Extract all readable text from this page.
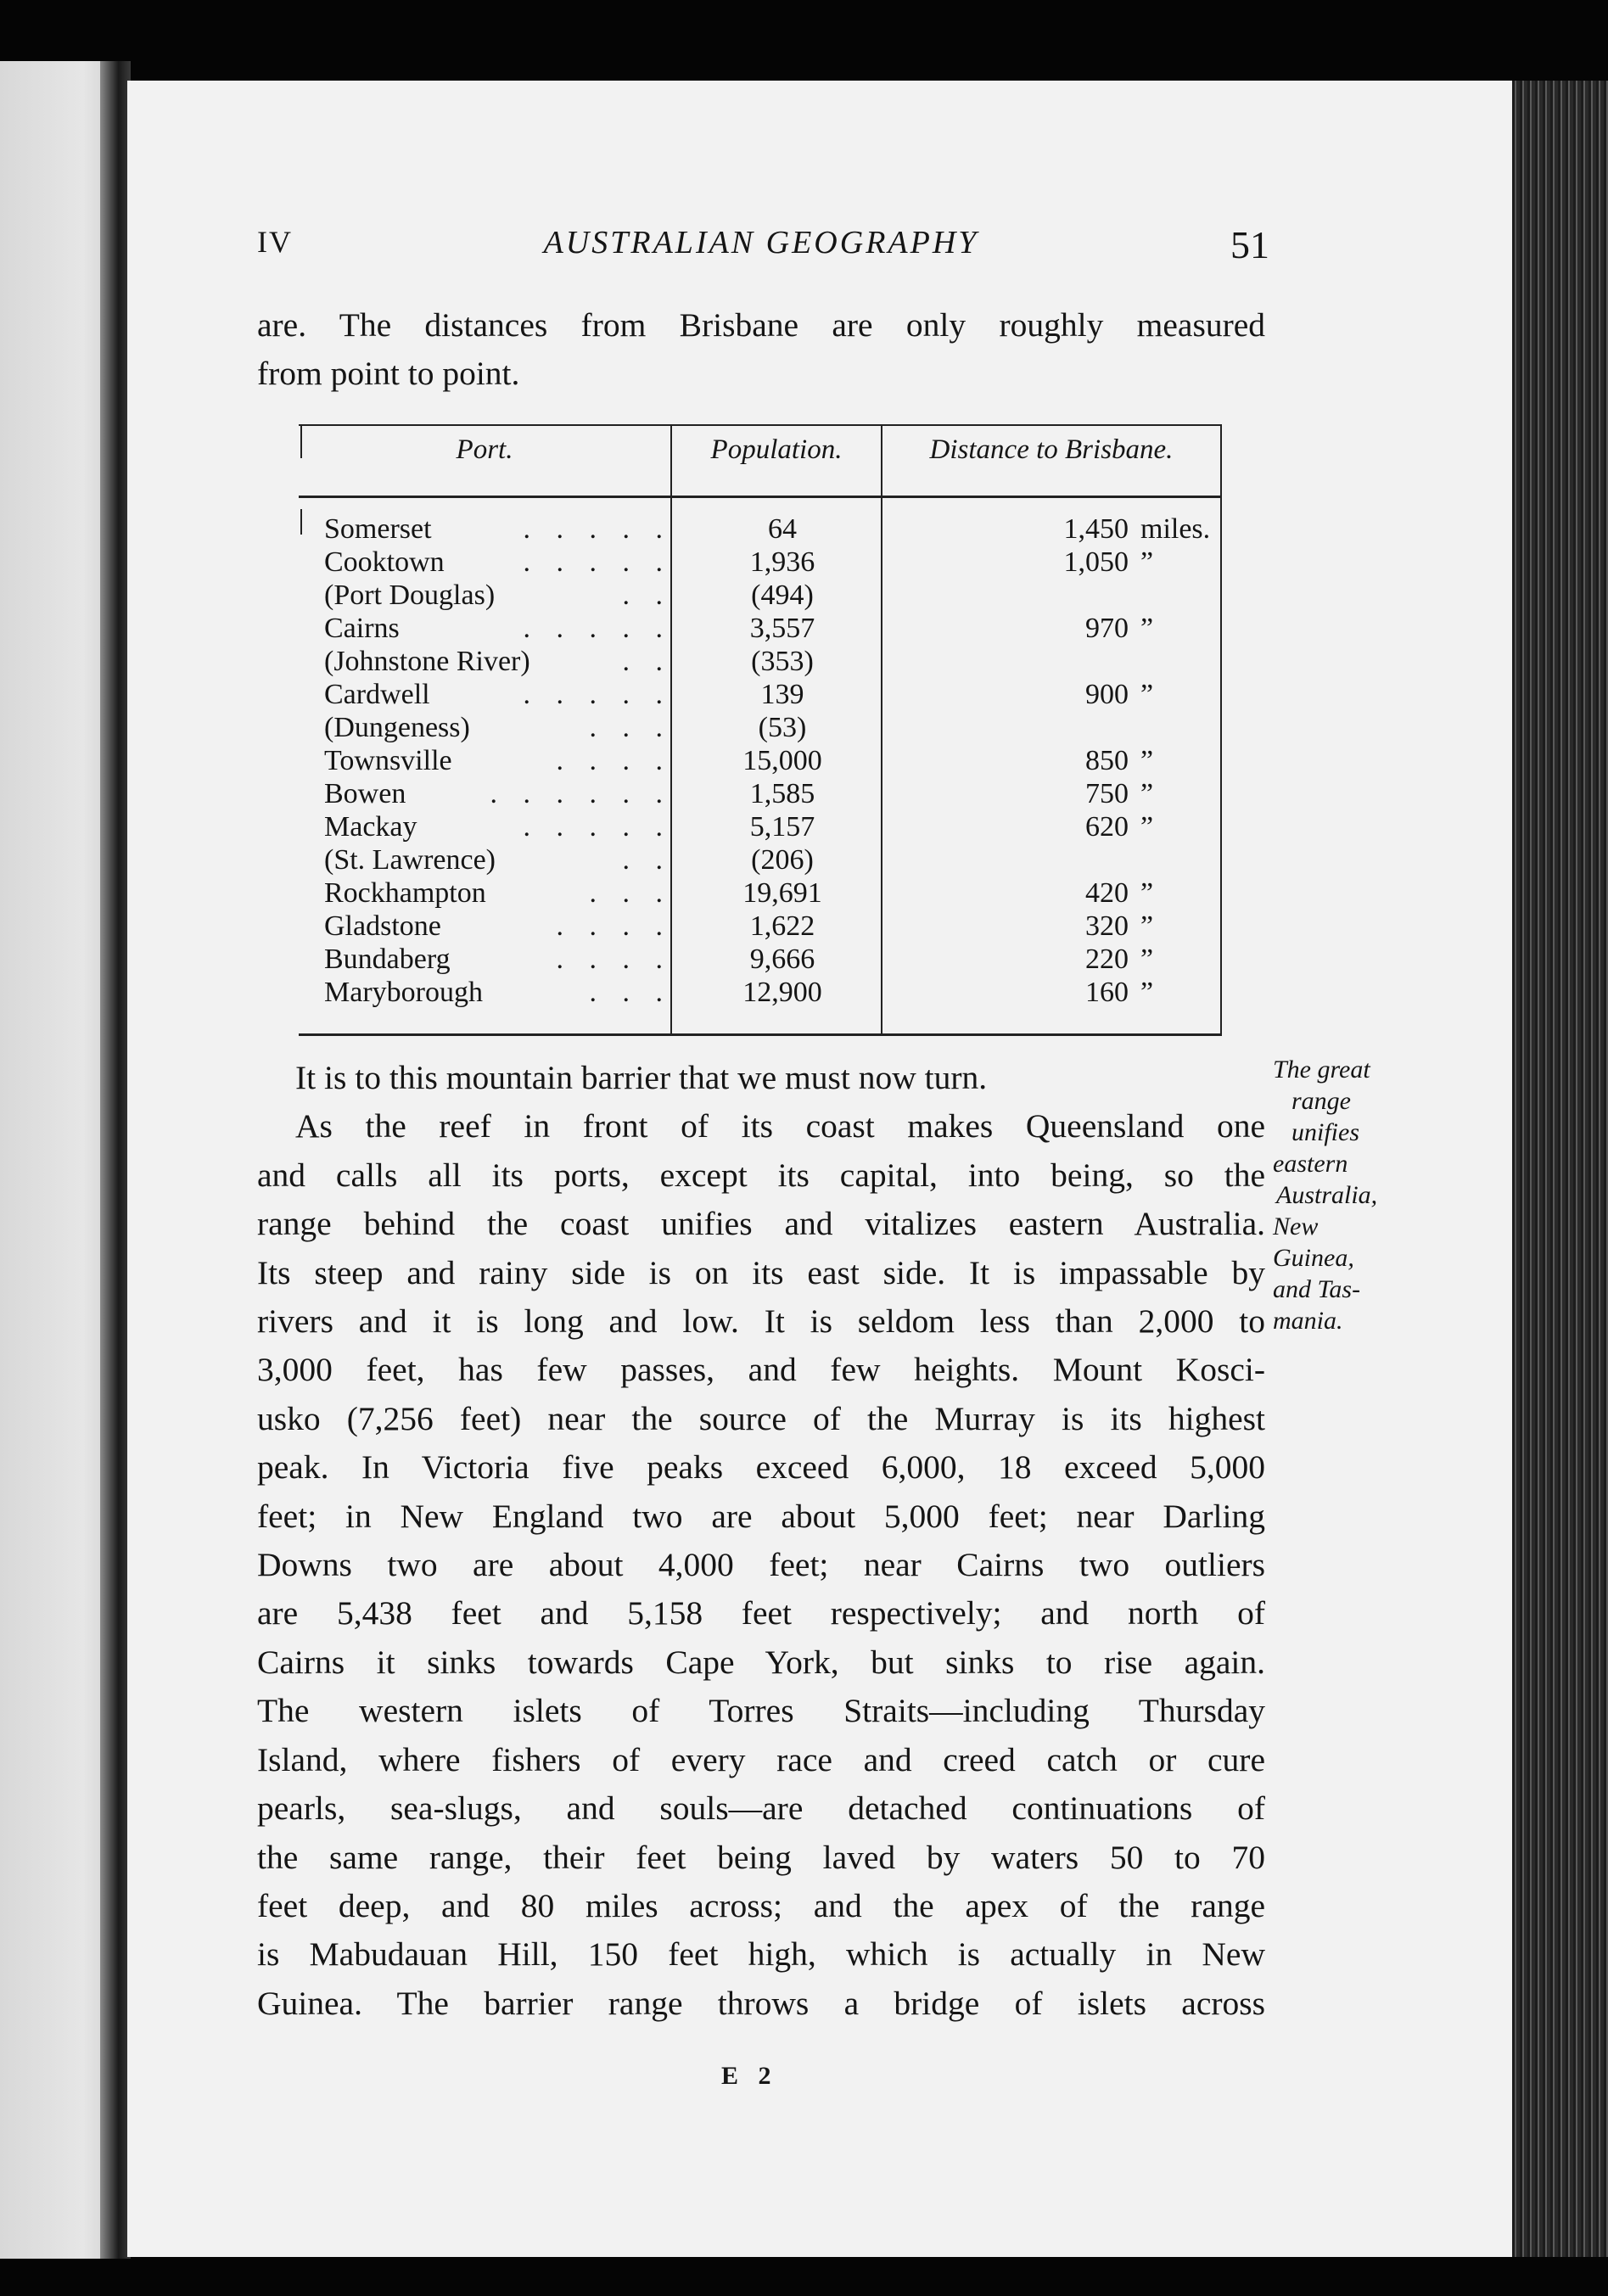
IV	AUSTRALIAN GEOGRAPHY	51
are. The distances from Brisbane are only roughly measured
from point to point.
Port.	Population.	Distance to Brisbane.
Somerset	. . . . .	64	1,450 miles.
Cooktown	. . . . .	1,936	1,050 ”
(Port Douglas)	. .	(494)
Cairns	. . . . .	3,557	970 ”
(Johnstone River)	. .	(353)
Cardwell	. . . . .	139	900 ”
(Dungeness)	. . .	(53)
Townsville	. . . .	15,000	850 ”
Bowen	. . . . . .	1,585	750 ”
Mackay	. . . . .	5,157	620 ”
(St. Lawrence)	. .	(206)
Rockhampton	. . .	19,691	420 ”
Gladstone	. . . .	1,622	320 ”
Bundaberg	. . . .	9,666	220 ”
Maryborough	. . .	12,900	160 ”
It is to this mountain barrier that we must now turn.
As the reef in front of its coast makes Queensland one
and calls all its ports, except its capital, into being, so the
range behind the coast unifies and vitalizes eastern Australia.
Its steep and rainy side is on its east side. It is impassable by
rivers and it is long and low. It is seldom less than 2,000 to
3,000 feet, has few passes, and few heights. Mount Kosci-
usko (7,256 feet) near the source of the Murray is its highest
peak. In Victoria five peaks exceed 6,000, 18 exceed 5,000
feet; in New England two are about 5,000 feet; near Darling
Downs two are about 4,000 feet; near Cairns two outliers
are 5,438 feet and 5,158 feet respectively; and north of
Cairns it sinks towards Cape York, but sinks to rise again.
The western islets of Torres Straits—including Thursday
Island, where fishers of every race and creed catch or cure
pearls, sea-slugs, and souls—are detached continuations of
the same range, their feet being laved by waters 50 to 70
feet deep, and 80 miles across; and the apex of the range
is Mabudauan Hill, 150 feet high, which is actually in New
Guinea. The barrier range throws a bridge of islets across
The great
range
unifies
eastern
Australia,
New
Guinea,
and Tas-
mania.
E 2
